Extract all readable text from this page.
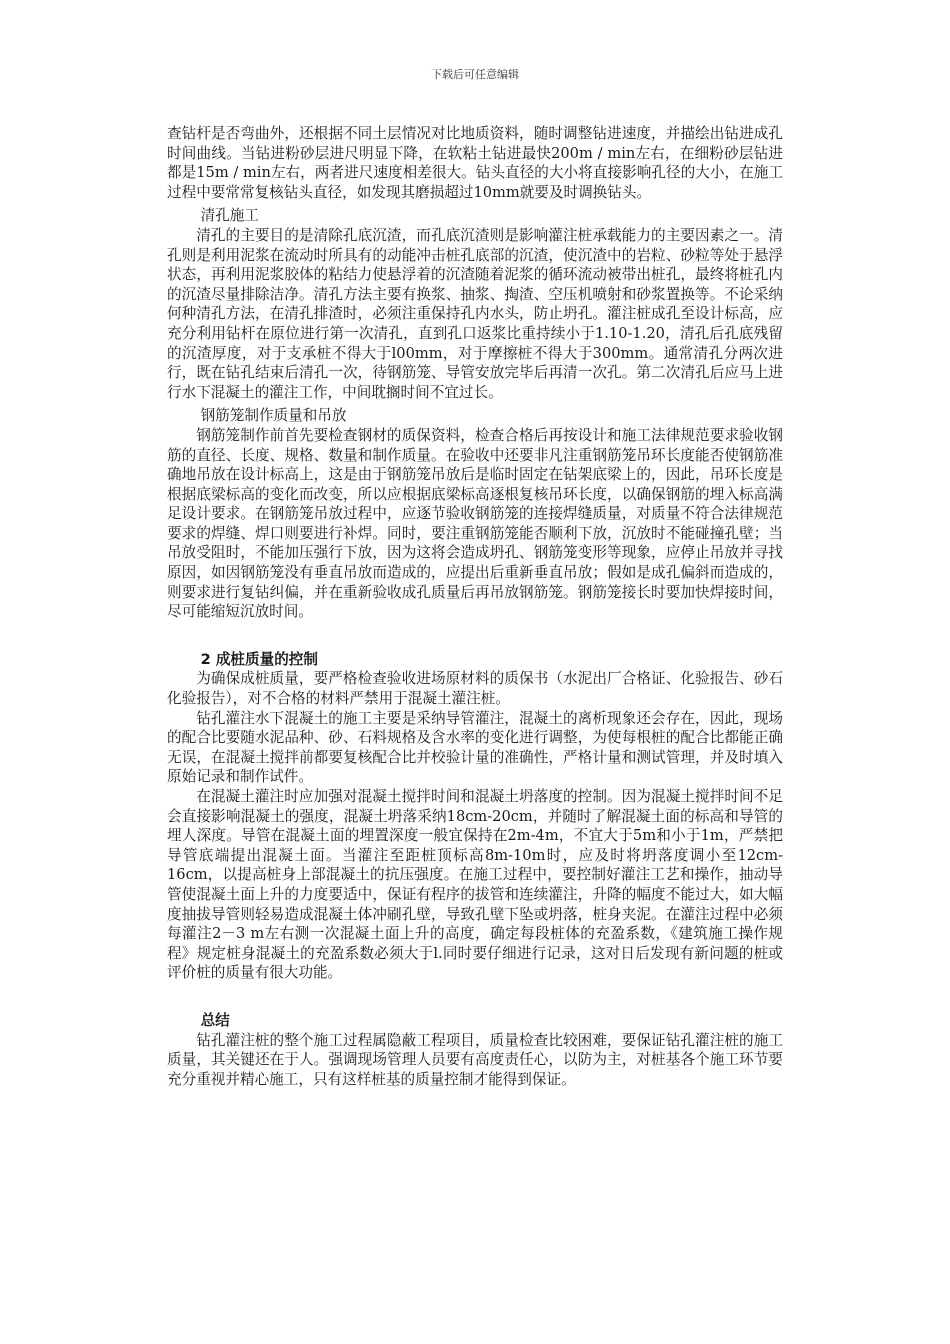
下载后可任意编辑

查钻杆是否弯曲外，还根据不同土层情况对比地质资料，随时调整钻进速度，并描绘出钻进成孔时间曲线。当钻进粉砂层进尺明显下降，在软粘土钻进最快200m / min左右，在细粉砂层钻进都是15m / min左右，两者进尺速度相差很大。钻头直径的大小将直接影响孔径的大小，在施工过程中要常常复核钻头直径，如发现其磨损超过10mm就要及时调换钻头。

清孔施工

清孔的主要目的是清除孔底沉渣，而孔底沉渣则是影响灌注桩承载能力的主要因素之一。清孔则是利用泥浆在流动时所具有的动能冲击桩孔底部的沉渣，使沉渣中的岩粒、砂粒等处于悬浮状态，再利用泥浆胶体的粘结力使悬浮着的沉渣随着泥浆的循环流动被带出桩孔，最终将桩孔内的沉渣尽量排除洁净。清孔方法主要有换浆、抽浆、掏渣、空压机喷射和砂浆置换等。不论采纳何种清孔方法，在清孔排渣时，必须注重保持孔内水头，防止坍孔。灌注桩成孔至设计标高，应充分利用钻杆在原位进行第一次清孔，直到孔口返浆比重持续小于1.10-1.20，清孔后孔底残留的沉渣厚度，对于支承桩不得大于l00mm，对于摩擦桩不得大于300mm。通常清孔分两次进行，既在钻孔结束后清孔一次，待钢筋笼、导管安放完毕后再清一次孔。第二次清孔后应马上进行水下混凝土的灌注工作，中间耽搁时间不宜过长。

钢筋笼制作质量和吊放

钢筋笼制作前首先要检查钢材的质保资料，检查合格后再按设计和施工法律规范要求验收钢筋的直径、长度、规格、数量和制作质量。在验收中还要非凡注重钢筋笼吊环长度能否使钢筋准确地吊放在设计标高上，这是由于钢筋笼吊放后是临时固定在钻架底梁上的，因此，吊环长度是根据底梁标高的变化而改变，所以应根据底梁标高逐根复核吊环长度，以确保钢筋的埋入标高满足设计要求。在钢筋笼吊放过程中，应逐节验收钢筋笼的连接焊缝质量，对质量不符合法律规范要求的焊缝、焊口则要进行补焊。同时，要注重钢筋笼能否顺利下放，沉放时不能碰撞孔壁；当吊放受阻时，不能加压强行下放，因为这将会造成坍孔、钢筋笼变形等现象，应停止吊放并寻找原因，如因钢筋笼没有垂直吊放而造成的，应提出后重新垂直吊放；假如是成孔偏斜而造成的，则要求进行复钻纠偏，并在重新验收成孔质量后再吊放钢筋笼。钢筋笼接长时要加快焊接时间，尽可能缩短沉放时间。

2 成桩质量的控制

为确保成桩质量，要严格检查验收进场原材料的质保书（水泥出厂合格证、化验报告、砂石化验报告），对不合格的材料严禁用于混凝土灌注桩。

钻孔灌注水下混凝土的施工主要是采纳导管灌注，混凝土的离析现象还会存在，因此，现场的配合比要随水泥品种、砂、石料规格及含水率的变化进行调整，为使每根桩的配合比都能正确无误，在混凝土搅拌前都要复核配合比并校验计量的准确性，严格计量和测试管理，并及时填入原始记录和制作试件。

在混凝土灌注时应加强对混凝土搅拌时间和混凝土坍落度的控制。因为混凝土搅拌时间不足会直接影响混凝土的强度，混凝土坍落采纳18cm-20cm，并随时了解混凝土面的标高和导管的埋人深度。导管在混凝土面的埋置深度一般宜保持在2m-4m，不宜大于5m和小于1m，严禁把导管底端提出混凝土面。当灌注至距桩顶标高8m-10m时，应及时将坍落度调小至12cm-16cm，以提高桩身上部混凝土的抗压强度。在施工过程中，要控制好灌注工艺和操作，抽动导管使混凝土面上升的力度要适中，保证有程序的拔管和连续灌注，升降的幅度不能过大，如大幅度抽拔导管则轻易造成混凝土体冲刷孔壁，导致孔壁下坠或坍落，桩身夹泥。在灌注过程中必须每灌注2－3 m左右测一次混凝土面上升的高度，确定每段桩体的充盈系数，《建筑施工操作规程》规定桩身混凝土的充盈系数必须大于l.同时要仔细进行记录，这对日后发现有新问题的桩或评价桩的质量有很大功能。

总结

钻孔灌注桩的整个施工过程属隐蔽工程项目，质量检查比较困难，要保证钻孔灌注桩的施工质量，其关键还在于人。强调现场管理人员要有高度责任心，以防为主，对桩基各个施工环节要充分重视并精心施工，只有这样桩基的质量控制才能得到保证。
